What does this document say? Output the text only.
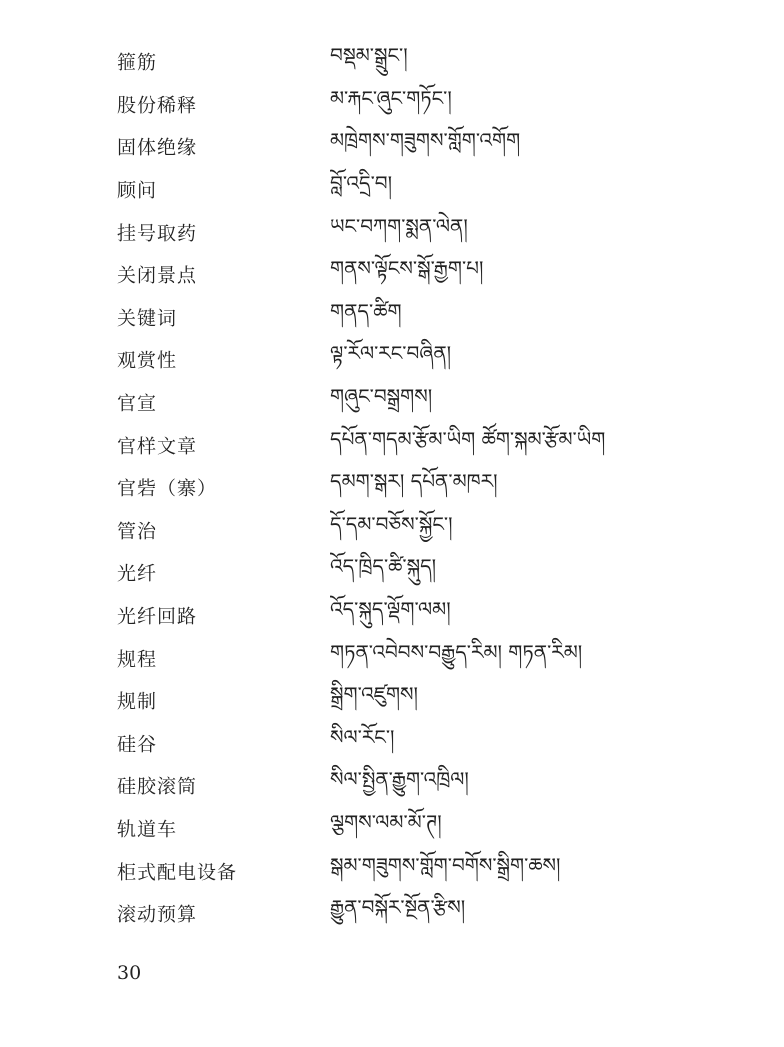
箍筋	བསྡམ་སྒྲུང་།
股份稀释	མ་རྐང་ཞུང་གཏོང་།
固体绝缘	མཁྲེགས་གཟུགས་གློག་འགོག
顾问	བློ་འདྲི་བ།
挂号取药	ཡང་བཀག་སྨན་ལེན།
关闭景点	གནས་ལྟོངས་སྒོ་རྒྱག་པ།
关键词	གནད་ཚིག
观赏性	ལྟ་རོལ་རང་བཞིན།
官宣	གཞུང་བསྒྲགས།
官样文章	དཔོན་གདམ་རྩོམ་ཡིག ཚོག་སྐམ་རྩོམ་ཡིག
官砦（寨）	དམག་སྒར། དཔོན་མཁར།
管治	དོ་དམ་བཅོས་སྐྱོང་།
光纤	འོད་ཁྲིད་ཚི་སྐུད།
光纤回路	འོད་སྐུད་ལྡོག་ལམ།
规程	གཏན་འབེབས་བརྒྱུད་རིམ། གཏན་རིམ།
规制	སྒྲིག་འཛུགས།
硅谷	སིལ་རོང་།
硅胶滚筒	སིལ་སྤྱིན་རྒྱུག་འཁྲིལ།
轨道车	ལྕགས་ལམ་མོ་ཊ།
柜式配电设备	སྒམ་གཟུགས་གློག་བགོས་སྒྲིག་ཆས།
滚动预算	རྒྱུན་བསྐོར་སྔོན་རྩིས།
30
